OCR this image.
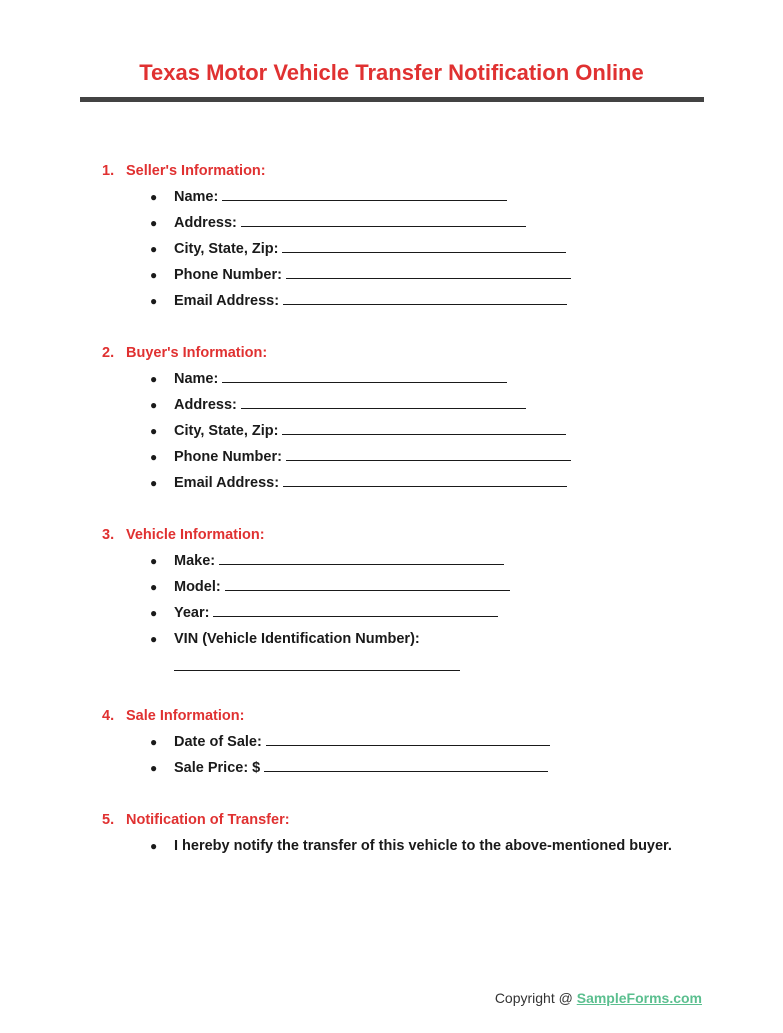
Texas Motor Vehicle Transfer Notification Online
1. Seller's Information:
● Name:
● Address:
● City, State, Zip:
● Phone Number:
● Email Address:
2. Buyer's Information:
● Name:
● Address:
● City, State, Zip:
● Phone Number:
● Email Address:
3. Vehicle Information:
● Make:
● Model:
● Year:
● VIN (Vehicle Identification Number):
4. Sale Information:
● Date of Sale:
● Sale Price: $
5. Notification of Transfer:
● I hereby notify the transfer of this vehicle to the above-mentioned buyer.
Copyright @ SampleForms.com
